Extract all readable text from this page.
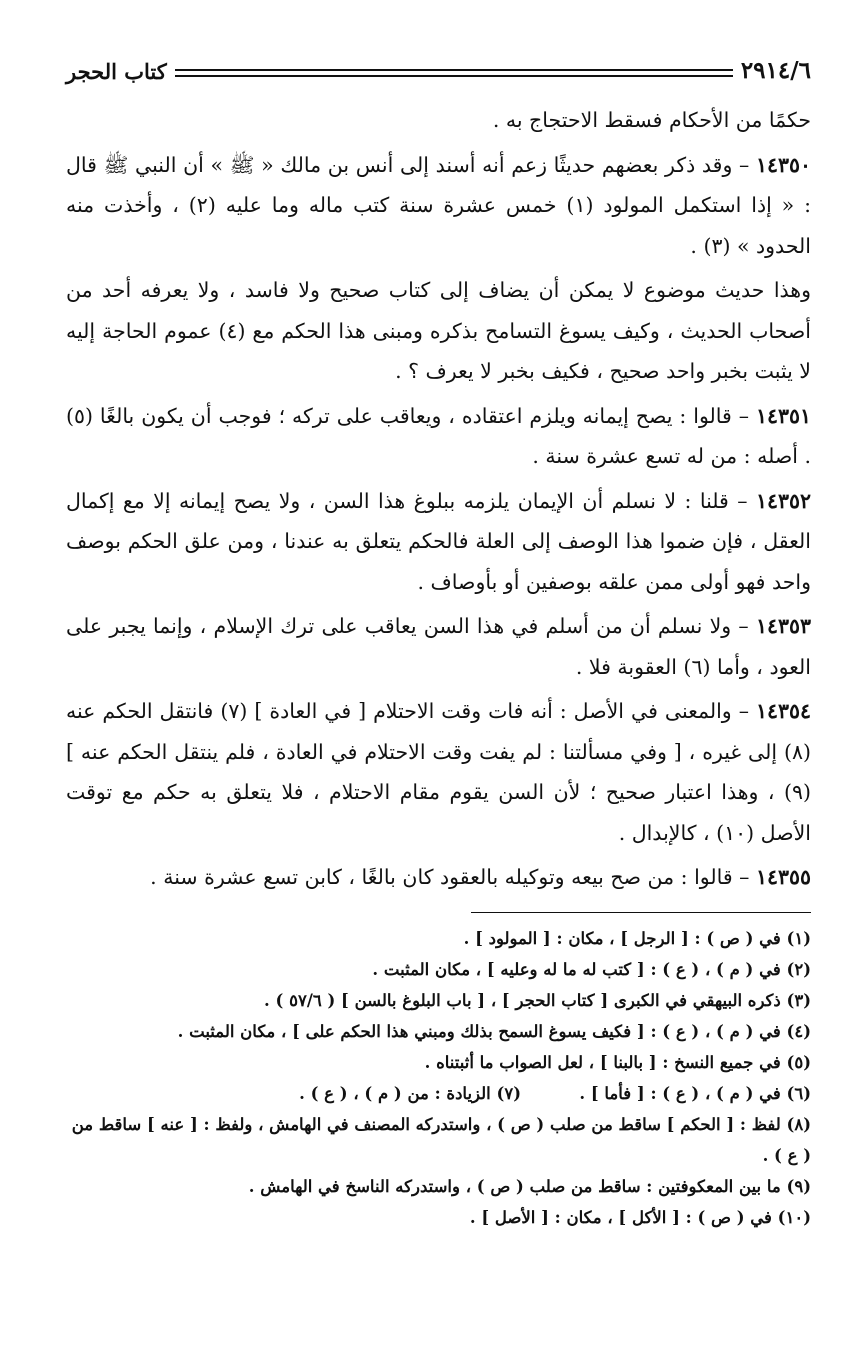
٢٩١٤/٦
كتاب الحجر

حكمًا من الأحكام فسقط الاحتجاج به .

١٤٣٥٠ – وقد ذكر بعضهم حديثًا زعم أنه أسند إلى أنس بن مالك « ﷺ » أن النبي ﷺ قال : « إذا استكمل المولود (١) خمس عشرة سنة كتب ماله وما عليه (٢) ، وأخذت منه الحدود » (٣) .

وهذا حديث موضوع لا يمكن أن يضاف إلى كتاب صحيح ولا فاسد ، ولا يعرفه أحد من أصحاب الحديث ، وكيف يسوغ التسامح بذكره ومبنى هذا الحكم مع (٤) عموم الحاجة إليه لا يثبت بخبر واحد صحيح ، فكيف بخبر لا يعرف ؟ .

١٤٣٥١ – قالوا : يصح إيمانه ويلزم اعتقاده ، ويعاقب على تركه ؛ فوجب أن يكون بالغًا (٥) . أصله : من له تسع عشرة سنة .

١٤٣٥٢ – قلنا : لا نسلم أن الإيمان يلزمه ببلوغ هذا السن ، ولا يصح إيمانه إلا مع إكمال العقل ، فإن ضموا هذا الوصف إلى العلة فالحكم يتعلق به عندنا ، ومن علق الحكم بوصف واحد فهو أولى ممن علقه بوصفين أو بأوصاف .

١٤٣٥٣ – ولا نسلم أن من أسلم في هذا السن يعاقب على ترك الإسلام ، وإنما يجبر على العود ، وأما (٦) العقوبة فلا .

١٤٣٥٤ – والمعنى في الأصل : أنه فات وقت الاحتلام [ في العادة ] (٧) فانتقل الحكم عنه (٨) إلى غيره ، [ وفي مسألتنا : لم يفت وقت الاحتلام في العادة ، فلم ينتقل الحكم عنه ] (٩) ، وهذا اعتبار صحيح ؛ لأن السن يقوم مقام الاحتلام ، فلا يتعلق به حكم مع توقت الأصل (١٠) ، كالإبدال .

١٤٣٥٥ – قالوا : من صح بيعه وتوكيله بالعقود كان بالغًا ، كابن تسع عشرة سنة .

(١) في ( ص ) : [ الرجل ] ، مكان : [ المولود ] .
(٢) في ( م ) ، ( ع ) : [ كتب له ما له وعليه ] ، مكان المثبت .
(٣) ذكره البيهقي في الكبرى [ كتاب الحجر ] ، [ باب البلوغ بالسن ] ( ٥٧/٦ ) .
(٤) في ( م ) ، ( ع ) : [ فكيف يسوغ السمح بذلك ومبني هذا الحكم على ] ، مكان المثبت .
(٥) في جميع النسخ : [ بالبنا ] ، لعل الصواب ما أثبتناه .
(٦) في ( م ) ، ( ع ) : [ فأما ] .
(٧) الزيادة : من ( م ) ، ( ع ) .
(٨) لفظ : [ الحكم ] ساقط من صلب ( ص ) ، واستدركه المصنف في الهامش ، ولفظ : [ عنه ] ساقط من ( ع ) .
(٩) ما بين المعكوفتين : ساقط من صلب ( ص ) ، واستدركه الناسخ في الهامش .
(١٠) في ( ص ) : [ الأكل ] ، مكان : [ الأصل ] .
